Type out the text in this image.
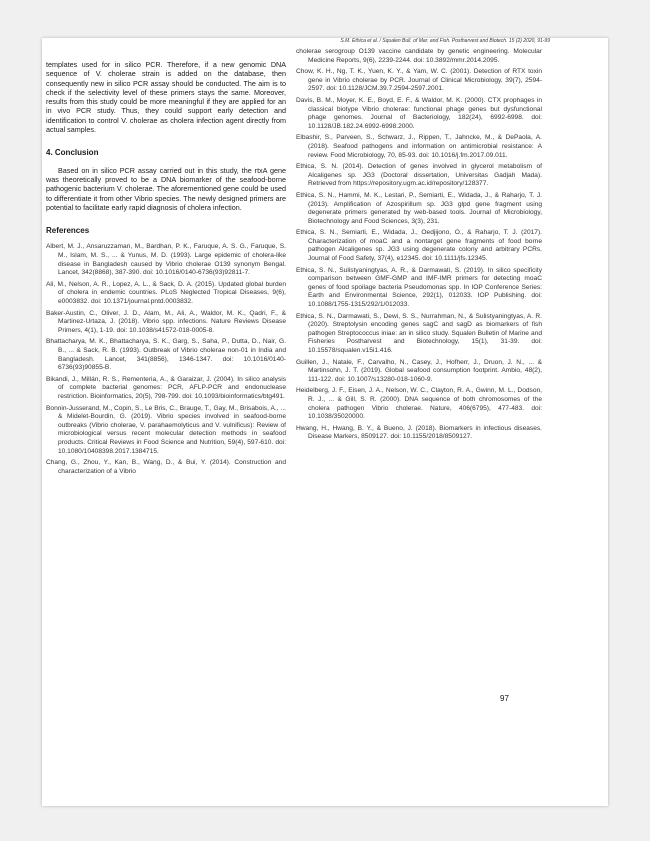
S.M. Ethica et al. / Squalen Bull. of Mar. and Fish. Postharvest and Biotech. 15 (2) 2020, 91-99

templates used for in silico PCR. Therefore, if a new genomic DNA sequence of V. cholerae strain is added on the database, then consequently new in silico PCR assay should be conducted. The aim is to check if the selectivity level of these primers stays the same. Moreover, results from this study could be more meaningful if they are applied for an in vivo PCR study. Thus, they could support early detection and identification to control V. cholerae as cholera infection agent directly from actual samples.

4. Conclusion

Based on in silico PCR assay carried out in this study, the rtxA gene was theoretically proved to be a DNA biomarker of the seafood-borne pathogenic bacterium V. cholerae. The aforementioned gene could be used to differentiate it from other Vibrio species. The newly designed primers are potential to facilitate early rapid diagnosis of cholera infection.

References
Albert, M. J., Ansaruzzaman, M., Bardhan, P. K., Faruque, A. S. G., Faruque, S. M., Islam, M. S., ... & Yunus, M. D. (1993). Large epidemic of cholera-like disease in Bangladesh caused by Vibrio cholerae O139 synonym Bengal. Lancet, 342(8868), 387-390. doi: 10.1016/0140-6736(93)92811-7.
Ali, M., Nelson, A. R., Lopez, A. L., & Sack, D. A. (2015). Updated global burden of cholera in endemic countries. PLoS Neglected Tropical Diseases, 9(6), e0003832. doi: 10.1371/journal.pntd.0003832.
Baker-Austin, C., Oliver, J. D., Alam, M., Ali, A., Waldor, M. K., Qadri, F., & Martinez-Urtaza, J. (2018). Vibrio spp. infections. Nature Reviews Disease Primers, 4(1), 1-19. doi: 10.1038/s41572-018-0005-8.
Bhattacharya, M. K., Bhattacharya, S. K., Garg, S., Saha, P., Dutta, D., Nair, G. B., ... & Sack, R. B. (1993). Outbreak of Vibrio cholerae non-01 in India and Bangladesh. Lancet, 341(8856), 1346-1347. doi: 10.1016/0140-6736(93)90855-B.
Bikandi, J., Millán, R. S., Rementeria, A., & Garaizar, J. (2004). In silico analysis of complete bacterial genomes: PCR, AFLP-PCR and endonuclease restriction. Bioinformatics, 20(5), 798-799. doi: 10.1093/bioinformatics/btg491.
Bonnin-Jusserand, M., Copin, S., Le Bris, C., Brauge, T., Gay, M., Brisabois, A., ... & Midelet-Bourdin, G. (2019). Vibrio species involved in seafood-borne outbreaks (Vibrio cholerae, V. parahaemolyticus and V. vulnificus): Review of microbiological versus recent molecular detection methods in seafood products. Critical Reviews in Food Science and Nutrition, 59(4), 597-610. doi: 10.1080/10408398.2017.1384715.
Chang, G., Zhou, Y., Kan, B., Wang, D., & Bui, Y. (2014). Construction and characterization of a Vibrio
cholerae serogroup O139 vaccine candidate by genetic engineering. Molecular Medicine Reports, 9(6), 2239-2244. doi: 10.3892/mmr.2014.2095.
Chow, K. H., Ng, T. K., Yuen, K. Y., & Yam, W. C. (2001). Detection of RTX toxin gene in Vibrio cholerae by PCR. Journal of Clinical Microbiology, 39(7), 2594-2597. doi: 10.1128/JCM.39.7.2594-2597.2001.
Davis, B. M., Moyer, K. E., Boyd, E. F., & Waldor, M. K. (2000). CTX prophages in classical biotype Vibrio cholerae: functional phage genes but dysfunctional phage genomes. Journal of Bacteriology, 182(24), 6992-6998. doi: 10.1128/JB.182.24.6992-6998.2000.
Elbashir, S., Parveen, S., Schwarz, J., Rippen, T., Jahncke, M., & DePaola, A. (2018). Seafood pathogens and information on antimicrobial resistance: A review. Food Microbiology, 70, 85-93. doi: 10.1016/j.fm.2017.09.011.
Ethica, S. N. (2014). Detection of genes involved in glycerol metabolism of Alcaligenes sp. JG3 (Doctoral dissertation, Universitas Gadjah Mada). Retrieved from https://repository.ugm.ac.id/repository/128377.
Ethica, S. N., Hammi, M. K., Lestari, P., Semiarti, E., Widada, J., & Raharjo, T. J. (2013). Amplification of Azospirillum sp. JG3 glpd gene fragment using degenerate primers generated by web-based tools. Journal of Microbiology, Biotechnology and Food Sciences, 3(3), 231.
Ethica, S. N., Semiarti, E., Widada, J., Oedjijono, O., & Raharjo, T. J. (2017). Characterization of moaC and a nontarget gene fragments of food borne pathogen Alcaligenes sp. JG3 using degenerate colony and arbitrary PCRs. Journal of Food Safety, 37(4), e12345. doi: 10.1111/jfs.12345.
Ethica, S. N., Sulistyaningtyas, A. R., & Darmawati, S. (2019). In silico specificity comparison between GMF-GMP and IMF-IMR primers for detecting moaC genes of food spoilage bacteria Pseudomonas spp. In IOP Conference Series: Earth and Environmental Science, 292(1), 012033. IOP Publishing. doi: 10.1088/1755-1315/292/1/012033.
Ethica, S. N., Darmawati, S., Dewi, S. S., Nurrahman, N., & Sulistyaningtyas, A. R. (2020). Streptolysin encoding genes sagC and sagD as biomarkers of fish pathogen Streptococcus iniae: an in silico study. Squalen Bulletin of Marine and Fisheries Postharvest and Biotechnology, 15(1), 31-39. doi: 10.15578/squalen.v15i1.416.
Guillen, J., Natale, F., Carvalho, N., Casey, J., Hofherr, J., Druon, J. N., ... & Martinsohn, J. T. (2019). Global seafood consumption footprint. Ambio, 48(2), 111-122. doi: 10.1007/s13280-018-1060-9.
Heidelberg, J. F., Eisen, J. A., Nelson, W. C., Clayton, R. A., Gwinn, M. L., Dodson, R. J., ... & Gill, S. R. (2000). DNA sequence of both chromosomes of the cholera pathogen Vibrio cholerae. Nature, 406(6795), 477-483. doi: 10.1038/35020000.
Hwang, H., Hwang, B. Y., & Bueno, J. (2018). Biomarkers in infectious diseases. Disease Markers, 8509127. doi: 10.1155/2018/8509127.
97
